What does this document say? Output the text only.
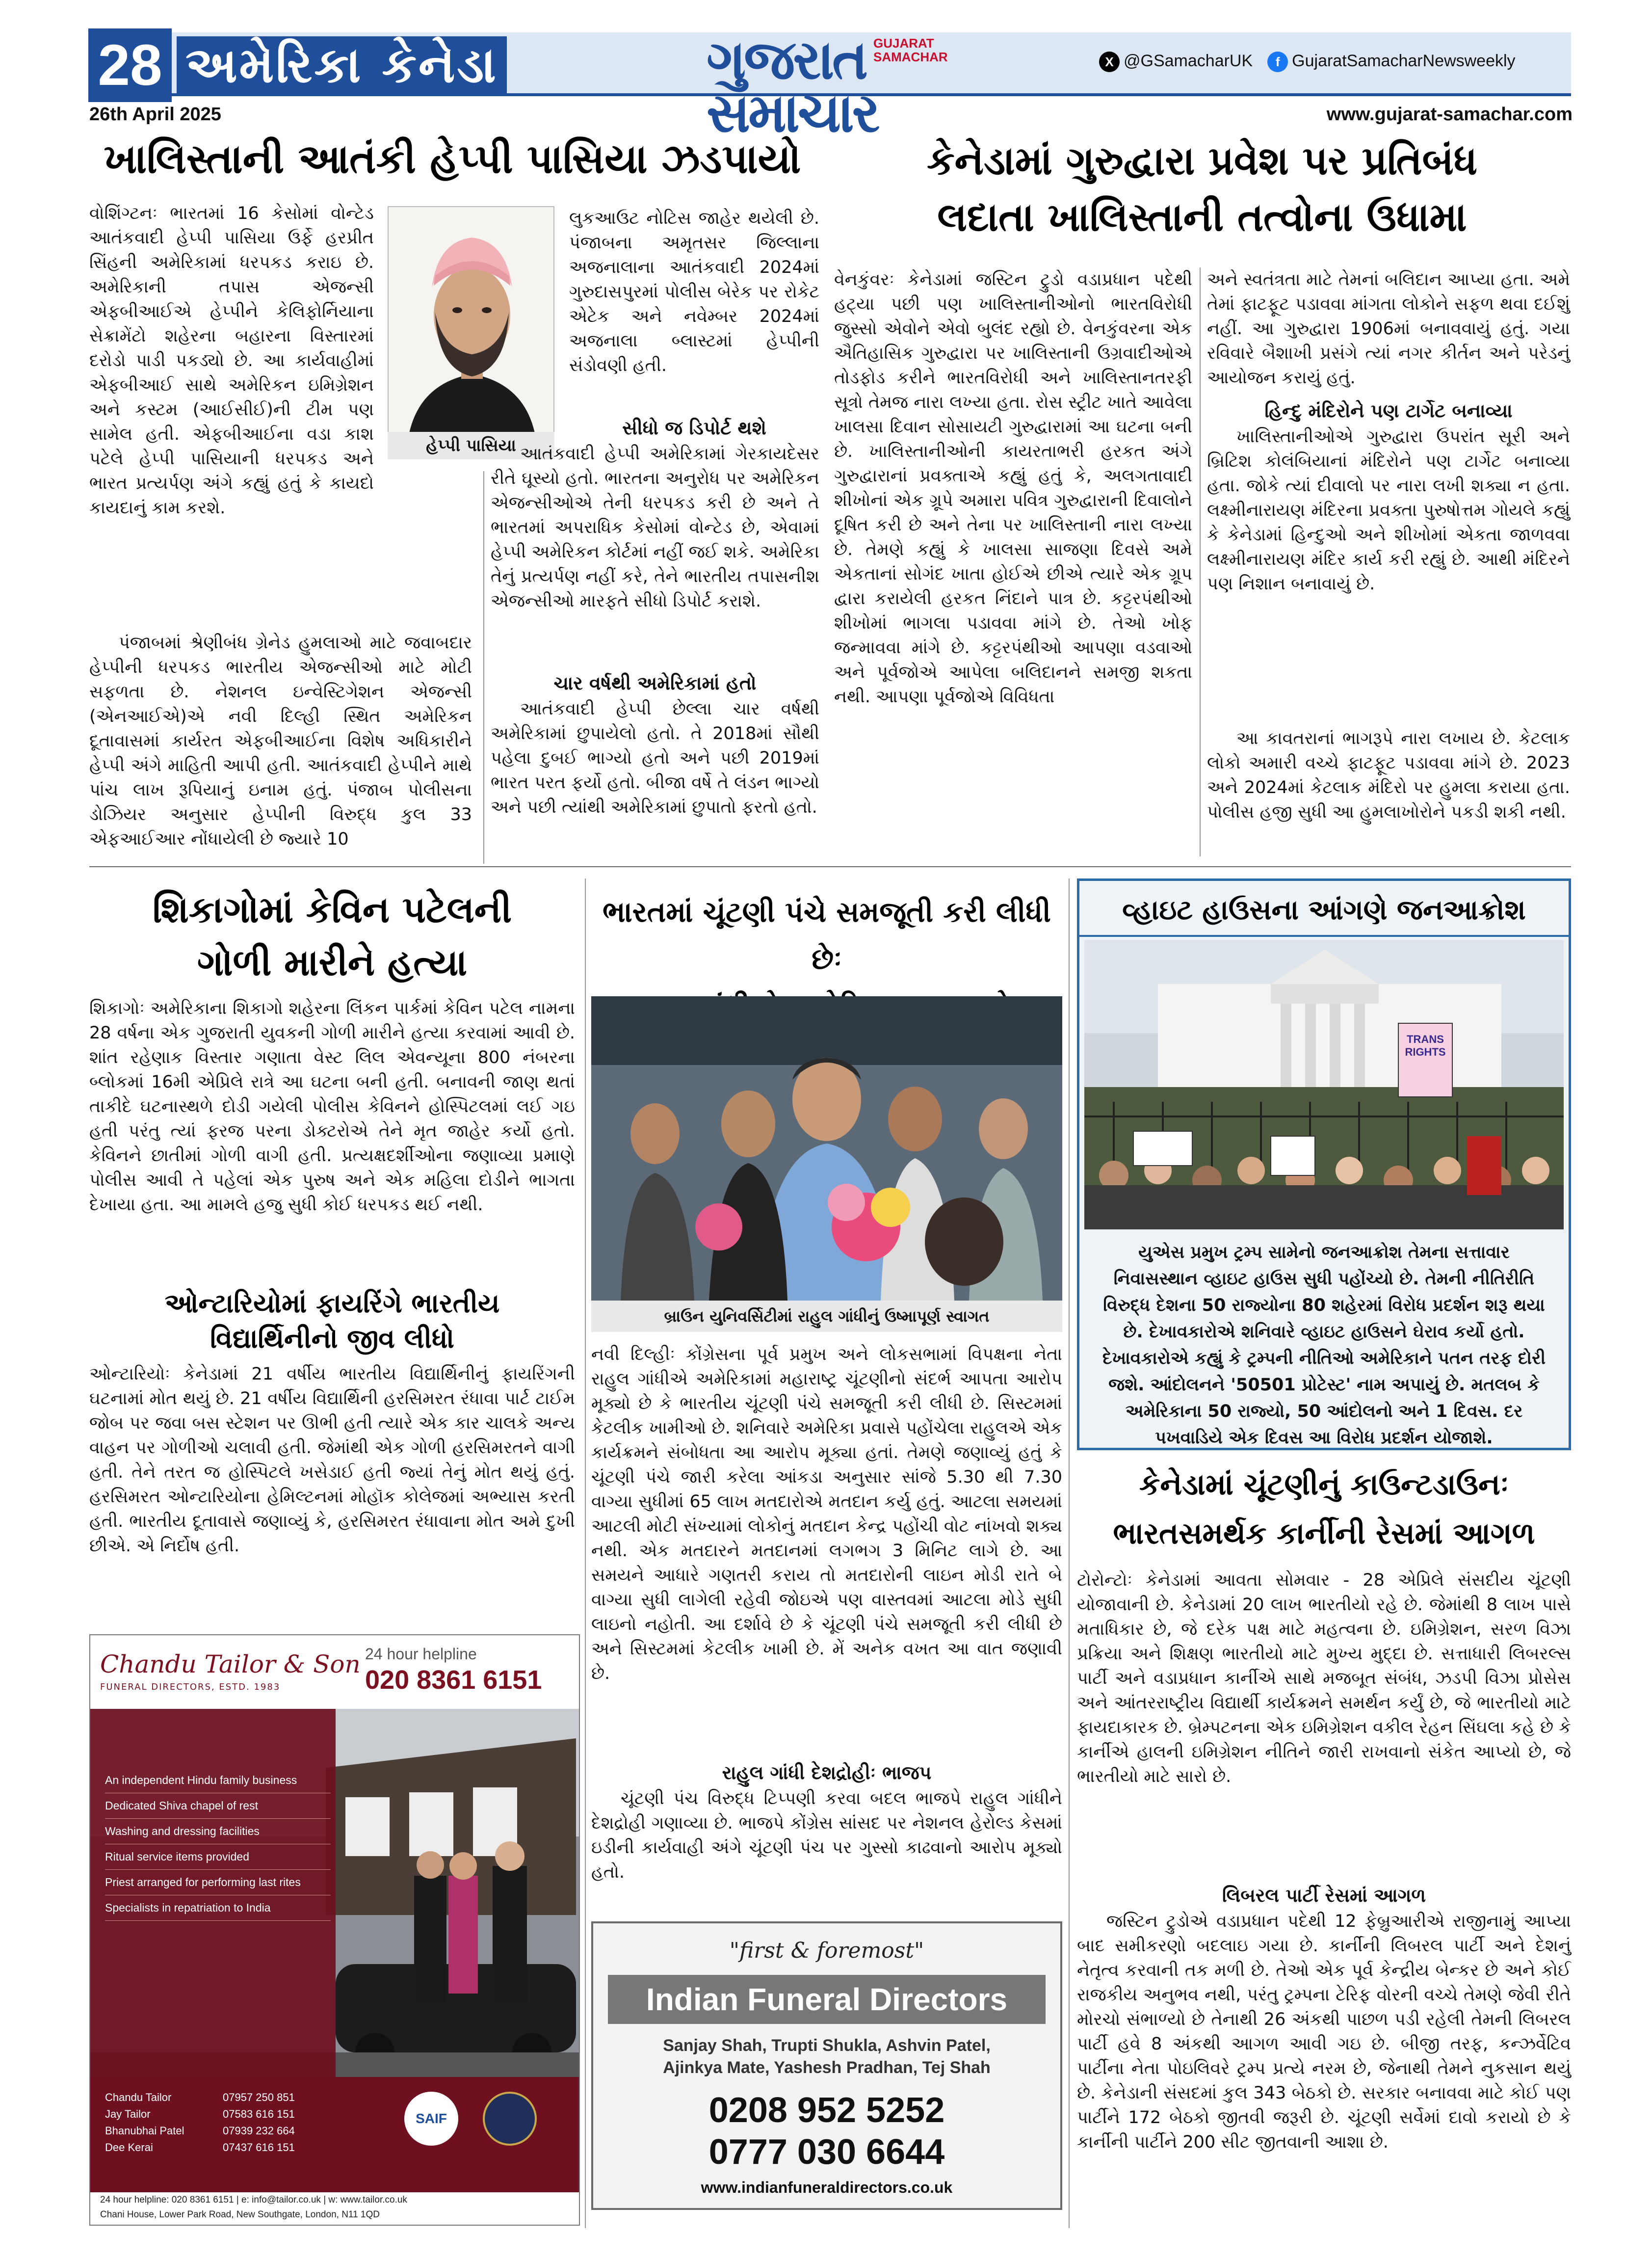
28 અમેરિકા કેનેડા	ગુજરાત સમાચાર
GUJARAT SAMACHAR	X @GSamacharUK	f GujaratSamacharNewsweekly
26th April 2025	www.gujarat-samachar.com
ખાલિસ્તાની આતંકી હેપ્પી પાસિયા ઝડપાયો
વોશિંગ્ટનઃ ભારતમાં 16 કેસોમાં વોન્ટેડ આતંકવાદી હેપ્પી પાસિયા ઉર્ફે હરપ્રીત સિંહની અમેરિકામાં ધરપકડ કરાઇ છે. અમેરિકાની તપાસ એજન્સી એફબીઆઈએ હેપ્પીને કેલિફોર્નિયાના સેક્રામેંટો શહેરના બહારના વિસ્તારમાં દરોડો પાડી પકડ્યો છે. આ કાર્યવાહીમાં એફબીઆઈ સાથે અમેરિકન ઇમિગ્રેશન અને કસ્ટમ (આઈસીઈ)ની ટીમ પણ સામેલ હતી. એફબીઆઈના વડા કાશ પટેલે હેપ્પી પાસિયાની ધરપકડ અને ભારત પ્રત્યર્પણ અંગે કહ્યું હતું કે કાયદો કાયદાનું કામ કરશે.
હેપ્પી પાસિયા
પંજાબમાં શ્રેણીબંધ ગ્રેનેડ હુમલાઓ માટે જવાબદાર હેપ્પીની ધરપકડ ભારતીય એજન્સીઓ માટે મોટી સફળતા છે. નેશનલ ઇન્વેસ્ટિગેશન એજન્સી (એનઆઈએ)એ નવી દિલ્હી સ્થિત અમેરિકન દૂતાવાસમાં કાર્યરત એફબીઆઈના વિશેષ અધિકારીને હેપ્પી અંગે માહિતી આપી હતી. આતંકવાદી હેપ્પીને માથે પાંચ લાખ રૂપિયાનું ઇનામ હતું. પંજાબ પોલીસના ડોઝિયર અનુસાર હેપ્પીની વિરુદ્ધ કુલ 33 એફઆઈઆર નોંધાયેલી છે જ્યારે 10
લુકઆઉટ નોટિસ જાહેર થયેલી છે. પંજાબના અમૃતસર જિલ્લાના અજનાલાના આતંકવાદી 2024માં ગુરુદાસપુરમાં પોલીસ બેરેક પર રોકેટ એટેક અને નવેમ્બર 2024માં અજનાલા બ્લાસ્ટમાં હેપ્પીની સંડોવણી હતી.
સીધો જ ડિપોર્ટ થશે
આતંકવાદી હેપ્પી અમેરિકામાં ગેરકાયદેસર રીતે ઘૂસ્યો હતો. ભારતના અનુરોધ પર અમેરિકન એજન્સીઓએ તેની ધરપકડ કરી છે અને તે ભારતમાં અપરાધિક કેસોમાં વોન્ટેડ છે, એવામાં હેપ્પી અમેરિકન કોર્ટમાં નહીં જઈ શકે. અમેરિકા તેનું પ્રત્યર્પણ નહીં કરે, તેને ભારતીય તપાસનીશ એજન્સીઓ મારફતે સીધો ડિપોર્ટ કરાશે.
ચાર વર્ષથી અમેરિકામાં હતો
આતંકવાદી હેપ્પી છેલ્લા ચાર વર્ષથી અમેરિકામાં છુપાયેલો હતો. તે 2018માં સૌથી પહેલા દુબઈ ભાગ્યો હતો અને પછી 2019માં ભારત પરત ફર્યો હતો. બીજા વર્ષે તે લંડન ભાગ્યો અને પછી ત્યાંથી અમેરિકામાં છુપાતો ફરતો હતો.
કેનેડામાં ગુરુદ્વારા પ્રવેશ પર પ્રતિબંધ
લદાતા ખાલિસ્તાની તત્વોના ઉધામા
વેનકુંવરઃ કેનેડામાં જસ્ટિન ટ્રુડો વડાપ્રધાન પદેથી હટ્યા પછી પણ ખાલિસ્તાનીઓનો ભારતવિરોધી જુસ્સો એવોને એવો બુલંદ રહ્યો છે. વેનકુંવરના એક ઐતિહાસિક ગુરુદ્વારા પર ખાલિસ્તાની ઉગ્રવાદીઓએ તોડફોડ કરીને ભારતવિરોધી અને ખાલિસ્તાનતરફી સૂત્રો તેમજ નારા લખ્યા હતા. રોસ સ્ટ્રીટ ખાતે આવેલા ખાલસા દિવાન સોસાયટી ગુરુદ્વારામાં આ ઘટના બની છે. ખાલિસ્તાનીઓની કાયરતાભરી હરકત અંગે ગુરુદ્વારાનાં પ્રવક્તાએ કહ્યું હતું કે, અલગતાવાદી શીખોનાં એક ગ્રૂપે અમારા પવિત્ર ગુરુદ્વારાની દિવાલોને દૂષિત કરી છે અને તેના પર ખાલિસ્તાની નારા લખ્યા છે. તેમણે કહ્યું કે ખાલસા સાજણા દિવસે અમે એકતાનાં સોગંદ ખાતા હોઈએ છીએ ત્યારે એક ગ્રૂપ દ્વારા કરાયેલી હરકત નિંદાને પાત્ર છે. કટ્ટરપંથીઓ શીખોમાં ભાગલા પડાવવા માંગે છે. તેઓ ખોફ જન્માવવા માંગે છે. કટ્ટરપંથીઓ આપણા વડવાઓ અને પૂર્વજોએ આપેલા બલિદાનને સમજી શકતા નથી. આપણા પૂર્વજોએ વિવિધતા
અને સ્વતંત્રતા માટે તેમનાં બલિદાન આપ્યા હતા. અમે તેમાં ફાટફૂટ પડાવવા માંગતા લોકોને સફળ થવા દઈશું નહીં. આ ગુરુદ્વારા 1906માં બનાવવાયું હતું. ગયા રવિવારે બૈશાખી પ્રસંગે ત્યાં નગર કીર્તન અને પરેડનું આયોજન કરાયું હતું.
હિન્દુ મંદિરોને પણ ટાર્ગેટ બનાવ્યા
ખાલિસ્તાનીઓએ ગુરુદ્વારા ઉપરાંત સૂરી અને બ્રિટિશ કોલંબિયાનાં મંદિરોને પણ ટાર્ગેટ બનાવ્યા હતા. જોકે ત્યાં દીવાલો પર નારા લખી શક્યા ન હતા. લક્ષ્મીનારાયણ મંદિરના પ્રવક્તા પુરુષોત્તમ ગોયલે કહ્યું કે કેનેડામાં હિન્દુઓ અને શીખોમાં એકતા જાળવવા લક્ષ્મીનારાયણ મંદિર કાર્ય કરી રહ્યું છે. આથી મંદિરને પણ નિશાન બનાવાયું છે.
આ કાવતરાનાં ભાગરૂપે નારા લખાય છે. કેટલાક લોકો અમારી વચ્ચે ફાટફૂટ પડાવવા માંગે છે. 2023 અને 2024માં કેટલાક મંદિરો પર હુમલા કરાયા હતા. પોલીસ હજી સુધી આ હુમલાખોરોને પકડી શકી નથી.
શિકાગોમાં કેવિન પટેલની
ગોળી મારીને હત્યા
શિકાગોઃ અમેરિકાના શિકાગો શહેરના લિંકન પાર્કમાં કેવિન પટેલ નામના 28 વર્ષના એક ગુજરાતી યુવકની ગોળી મારીને હત્યા કરવામાં આવી છે. શાંત રહેણાક વિસ્તાર ગણાતા વેસ્ટ લિલ એવન્યૂના 800 નંબરના બ્લોકમાં 16મી એપ્રિલે રાત્રે આ ઘટના બની હતી. બનાવની જાણ થતાં તાકીદે ઘટનાસ્થળે દોડી ગયેલી પોલીસ કેવિનને હોસ્પિટલમાં લઈ ગઇ હતી પરંતુ ત્યાં ફરજ પરના ડોક્ટરોએ તેને મૃત જાહેર કર્યો હતો. કેવિનને છાતીમાં ગોળી વાગી હતી. પ્રત્યક્ષદર્શીઓના જણાવ્યા પ્રમાણે પોલીસ આવી તે પહેલાં એક પુરુષ અને એક મહિલા દોડીને ભાગતા દેખાયા હતા. આ મામલે હજુ સુધી કોઈ ધરપકડ થઈ નથી.
ઓન્ટારિયોમાં ફાયરિંગે ભારતીય
વિદ્યાર્થિનીનો જીવ લીધો
ઓન્ટારિયોઃ કેનેડામાં 21 વર્ષીય ભારતીય વિદ્યાર્થિનીનું ફાયરિંગની ઘટનામાં મોત થયું છે. 21 વર્ષીય વિદ્યાર્થિની હરસિમરત રંધાવા પાર્ટ ટાઈમ જોબ પર જવા બસ સ્ટેશન પર ઊભી હતી ત્યારે એક કાર ચાલકે અન્ય વાહન પર ગોળીઓ ચલાવી હતી. જેમાંથી એક ગોળી હરસિમરતને વાગી હતી. તેને તરત જ હોસ્પિટલે ખસેડાઈ હતી જ્યાં તેનું મોત થયું હતું. હરસિમરત ઓન્ટારિયોના હેમિલ્ટનમાં મોહૉક કોલેજમાં અભ્યાસ કરતી હતી. ભારતીય દૂતાવાસે જણાવ્યું કે, હરસિમરત રંધાવાના મોત અમે દુખી છીએ. એ નિર્દોષ હતી.
Chandu Tailor & Son
FUNERAL DIRECTORS, ESTD. 1983
24 hour helpline
020 8361 6151
An independent Hindu family business
Dedicated Shiva chapel of rest
Washing and dressing facilities
Ritual service items provided
Priest arranged for performing last rites
Specialists in repatriation to India
Chandu Tailor	07957 250 851
Jay Tailor	07583 616 151
Bhanubhai Patel	07939 232 664
Dee Kerai	07437 616 151
SAIF
24 hour helpline: 020 8361 6151 | e: info@tailor.co.uk | w: www.tailor.co.uk
Chani House, Lower Park Road, New Southgate, London, N11 1QD
ભારતમાં ચૂંટણી પંચે સમજૂતી કરી લીધી છેઃ
બ્રાઉન યુનિવર્સિટીમાં રાહુલ ગાંધીનું ઉષ્માપૂર્ણ સ્વાગત
નવી દિલ્હીઃ કોંગ્રેસના પૂર્વ પ્રમુખ અને લોકસભામાં વિપક્ષના નેતા રાહુલ ગાંધીએ અમેરિકામાં મહારાષ્ટ્ર ચૂંટણીનો સંદર્ભ આપતા આરોપ મૂક્યો છે કે ભારતીય ચૂંટણી પંચે સમજૂતી કરી લીધી છે. સિસ્ટમમાં કેટલીક ખામીઓ છે. શનિવારે અમેરિકા પ્રવાસે પહોંચેલા રાહુલએ એક કાર્યક્રમને સંબોધતા આ આરોપ મૂક્યા હતાં. તેમણે જણાવ્યું હતું કે ચૂંટણી પંચે જારી કરેલા આંકડા અનુસાર સાંજે 5.30 થી 7.30 વાગ્યા સુધીમાં 65 લાખ મતદારોએ મતદાન કર્યુ હતું. આટલા સમયમાં આટલી મોટી સંખ્યામાં લોકોનું મતદાન કેન્દ્ર પહોંચી વોટ નાંખવો શક્ય નથી. એક મતદારને મતદાનમાં લગભગ 3 મિનિટ લાગે છે. આ સમયને આધારે ગણતરી કરાય તો મતદારોની લાઇન મોડી રાતે બે વાગ્યા સુધી લાગેલી રહેવી જોઇએ પણ વાસ્તવમાં આટલા મોડે સુધી લાઇનો નહોતી. આ દર્શાવે છે કે ચૂંટણી પંચે સમજૂતી કરી લીધી છે અને સિસ્ટમમાં કેટલીક ખામી છે. મેં અનેક વખત આ વાત જણાવી છે.
રાહુલ ગાંધી દેશદ્રોહીઃ ભાજપ
ચૂંટણી પંચ વિરુદ્ધ ટિપ્પણી કરવા બદલ ભાજપે રાહુલ ગાંધીને દેશદ્રોહી ગણાવ્યા છે. ભાજપે કોંગ્રેસ સાંસદ પર નેશનલ હેરોલ્ડ કેસમાં ઇડીની કાર્યવાહી અંગે ચૂંટણી પંચ પર ગુસ્સો કાઢવાનો આરોપ મૂક્યો હતો.
"first & foremost"
Indian Funeral Directors
Sanjay Shah, Trupti Shukla, Ashvin Patel,
Ajinkya Mate, Yashesh Pradhan, Tej Shah
0208 952 5252
0777 030 6644
www.indianfuneraldirectors.co.uk
વ્હાઇટ હાઉસના આંગણે જનઆક્રોશ
TRANS
RIGHTS
યુએસ પ્રમુખ ટ્રમ્પ સામેનો જનઆક્રોશ તેમના સત્તાવાર નિવાસસ્થાન વ્હાઇટ હાઉસ સુધી પહોંચ્યો છે. તેમની નીતિરીતિ વિરુદ્ધ દેશના 50 રાજ્યોના 80 શહેરમાં વિરોધ પ્રદર્શન શરૂ થયા છે. દેખાવકારોએ શનિવારે વ્હાઇટ હાઉસને ઘેરાવ કર્યો હતો. દેખાવકારોએ કહ્યું કે ટ્રમ્પની નીતિઓ અમેરિકાને પતન તરફ દોરી જશે. આંદોલનને '50501 પ્રોટેસ્ટ' નામ અપાયું છે. મતલબ કે અમેરિકાના 50 રાજ્યો, 50 આંદોલનો અને 1 દિવસ. દર પખવાડિયે એક દિવસ આ વિરોધ પ્રદર્શન યોજાશે.
કેનેડામાં ચૂંટણીનું કાઉન્ટડાઉનઃ
ભારતસમર્થક કાર્નીની રેસમાં આગળ
ટોરોન્ટોઃ કેનેડામાં આવતા સોમવાર - 28 એપ્રિલે સંસદીય ચૂંટણી યોજાવાની છે. કેનેડામાં 20 લાખ ભારતીયો રહે છે. જેમાંથી 8 લાખ પાસે મતાધિકાર છે, જે દરેક પક્ષ માટે મહત્વના છે. ઇમિગ્રેશન, સરળ વિઝા પ્રક્રિયા અને શિક્ષણ ભારતીયો માટે મુખ્ય મુદ્દા છે. સત્તાધારી લિબરલ્સ પાર્ટી અને વડાપ્રધાન કાર્નીએ સાથે મજબૂત સંબંધ, ઝડપી વિઝા પ્રોસેસ અને આંતરરાષ્ટ્રીય વિદ્યાર્થી કાર્યક્રમને સમર્થન કર્યું છે, જે ભારતીયો માટે ફાયદાકારક છે. બ્રેમ્પટનના એક ઇમિગ્રેશન વકીલ રેહન સિંઘલા કહે છે કે કાર્નીએ હાલની ઇમિગ્રેશન નીતિને જારી રાખવાનો સંકેત આપ્યો છે, જે ભારતીયો માટે સારો છે.
લિબરલ પાર્ટી રેસમાં આગળ
જસ્ટિન ટ્રુડોએ વડાપ્રધાન પદેથી 12 ફેબ્રુઆરીએ રાજીનામું આપ્યા બાદ સમીકરણો બદલાઇ ગયા છે. કાર્નીની લિબરલ પાર્ટી અને દેશનું નેતૃત્વ કરવાની તક મળી છે. તેઓ એક પૂર્વ કેન્દ્રીય બેન્કર છે અને કોઈ રાજકીય અનુભવ નથી, પરંતુ ટ્રમ્પના ટેરિફ વોરની વચ્ચે તેમણે જેવી રીતે મોરચો સંભાળ્યો છે તેનાથી 26 અંકથી પાછળ પડી રહેલી તેમની લિબરલ પાર્ટી હવે 8 અંકથી આગળ આવી ગઇ છે. બીજી તરફ, કન્ઝર્વેટિવ પાર્ટીના નેતા પોઇલિવરે ટ્રમ્પ પ્રત્યે નરમ છે, જેનાથી તેમને નુકસાન થયું છે. કેનેડાની સંસદમાં કુલ 343 બેઠકો છે. સરકાર બનાવવા માટે કોઈ પણ પાર્ટીને 172 બેઠકો જીતવી જરૂરી છે. ચૂંટણી સર્વેમાં દાવો કરાયો છે કે કાર્નીની પાર્ટીને 200 સીટ જીતવાની આશા છે.
